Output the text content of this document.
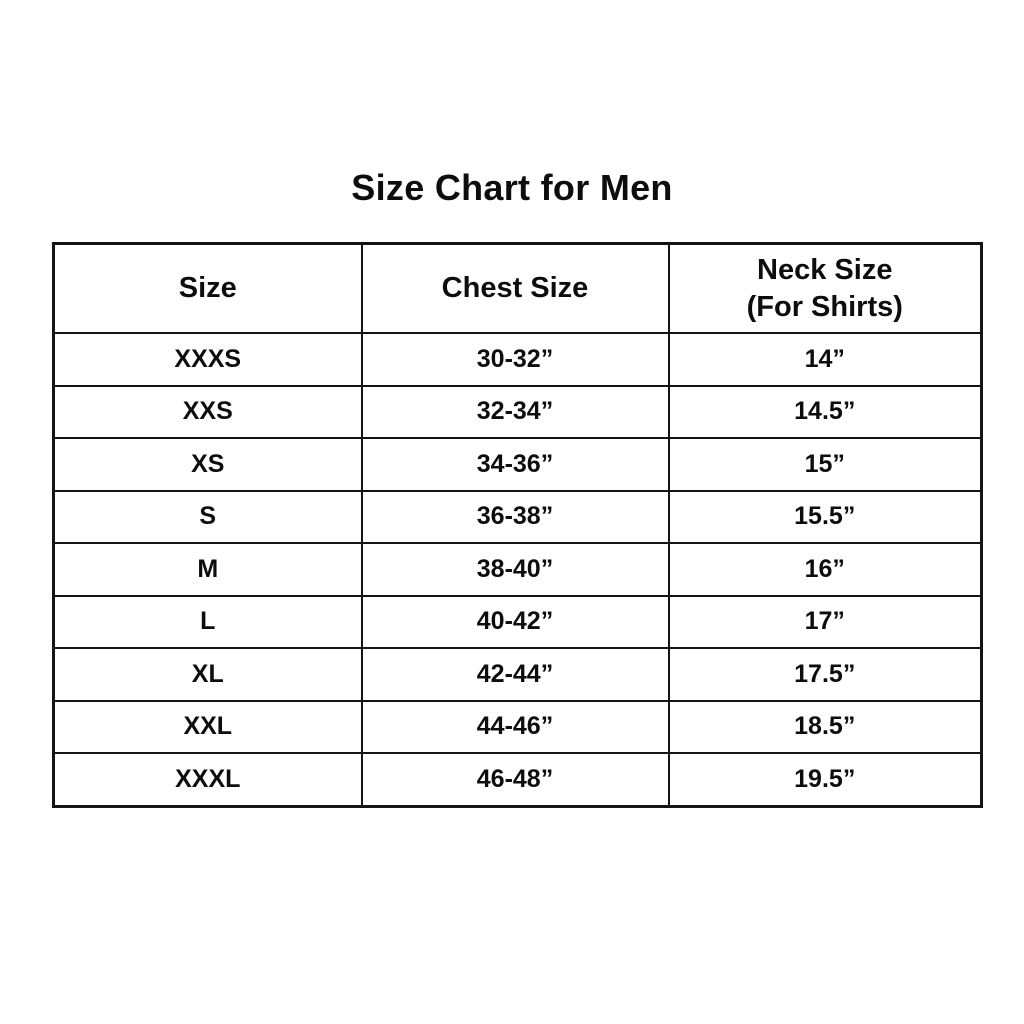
Size Chart for Men
Size	Chest Size	Neck Size
(For Shirts)
XXXS	30-32”	14”
XXS	32-34”	14.5”
XS	34-36”	15”
S	36-38”	15.5”
M	38-40”	16”
L	40-42”	17”
XL	42-44”	17.5”
XXL	44-46”	18.5”
XXXL	46-48”	19.5”
